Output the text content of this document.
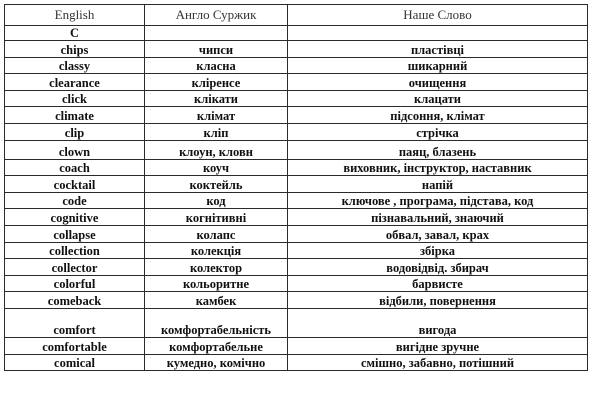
English	Англо Суржик	Наше Слово
C		
chips	чипси	пластівці
classy	класна	шикарний
clearance	кліренсе	очищення
click	клікати	клацати
climate	клімат	підсоння, клімат
clip	кліп	стрічка
clown	клоун, кловн	паяц, блазень
coach	коуч	виховник, інструктор, наставник
cocktail	коктейль	напій
code	код	ключове , програма, підстава, код
cognitive	когнітивні	пізнавальний, знаючий
collapse	колапс	обвал, завал, крах
collection	колекція	збірка
collector	колектор	водовідвід. збирач
colorful	кольоритне	барвисте
comeback	камбек	відбили, повернення
comfort	комфортабельність	вигода
comfortable	комфортабельне	вигідне зручне
comical	кумедно, комічно	смішно, забавно, потішний
